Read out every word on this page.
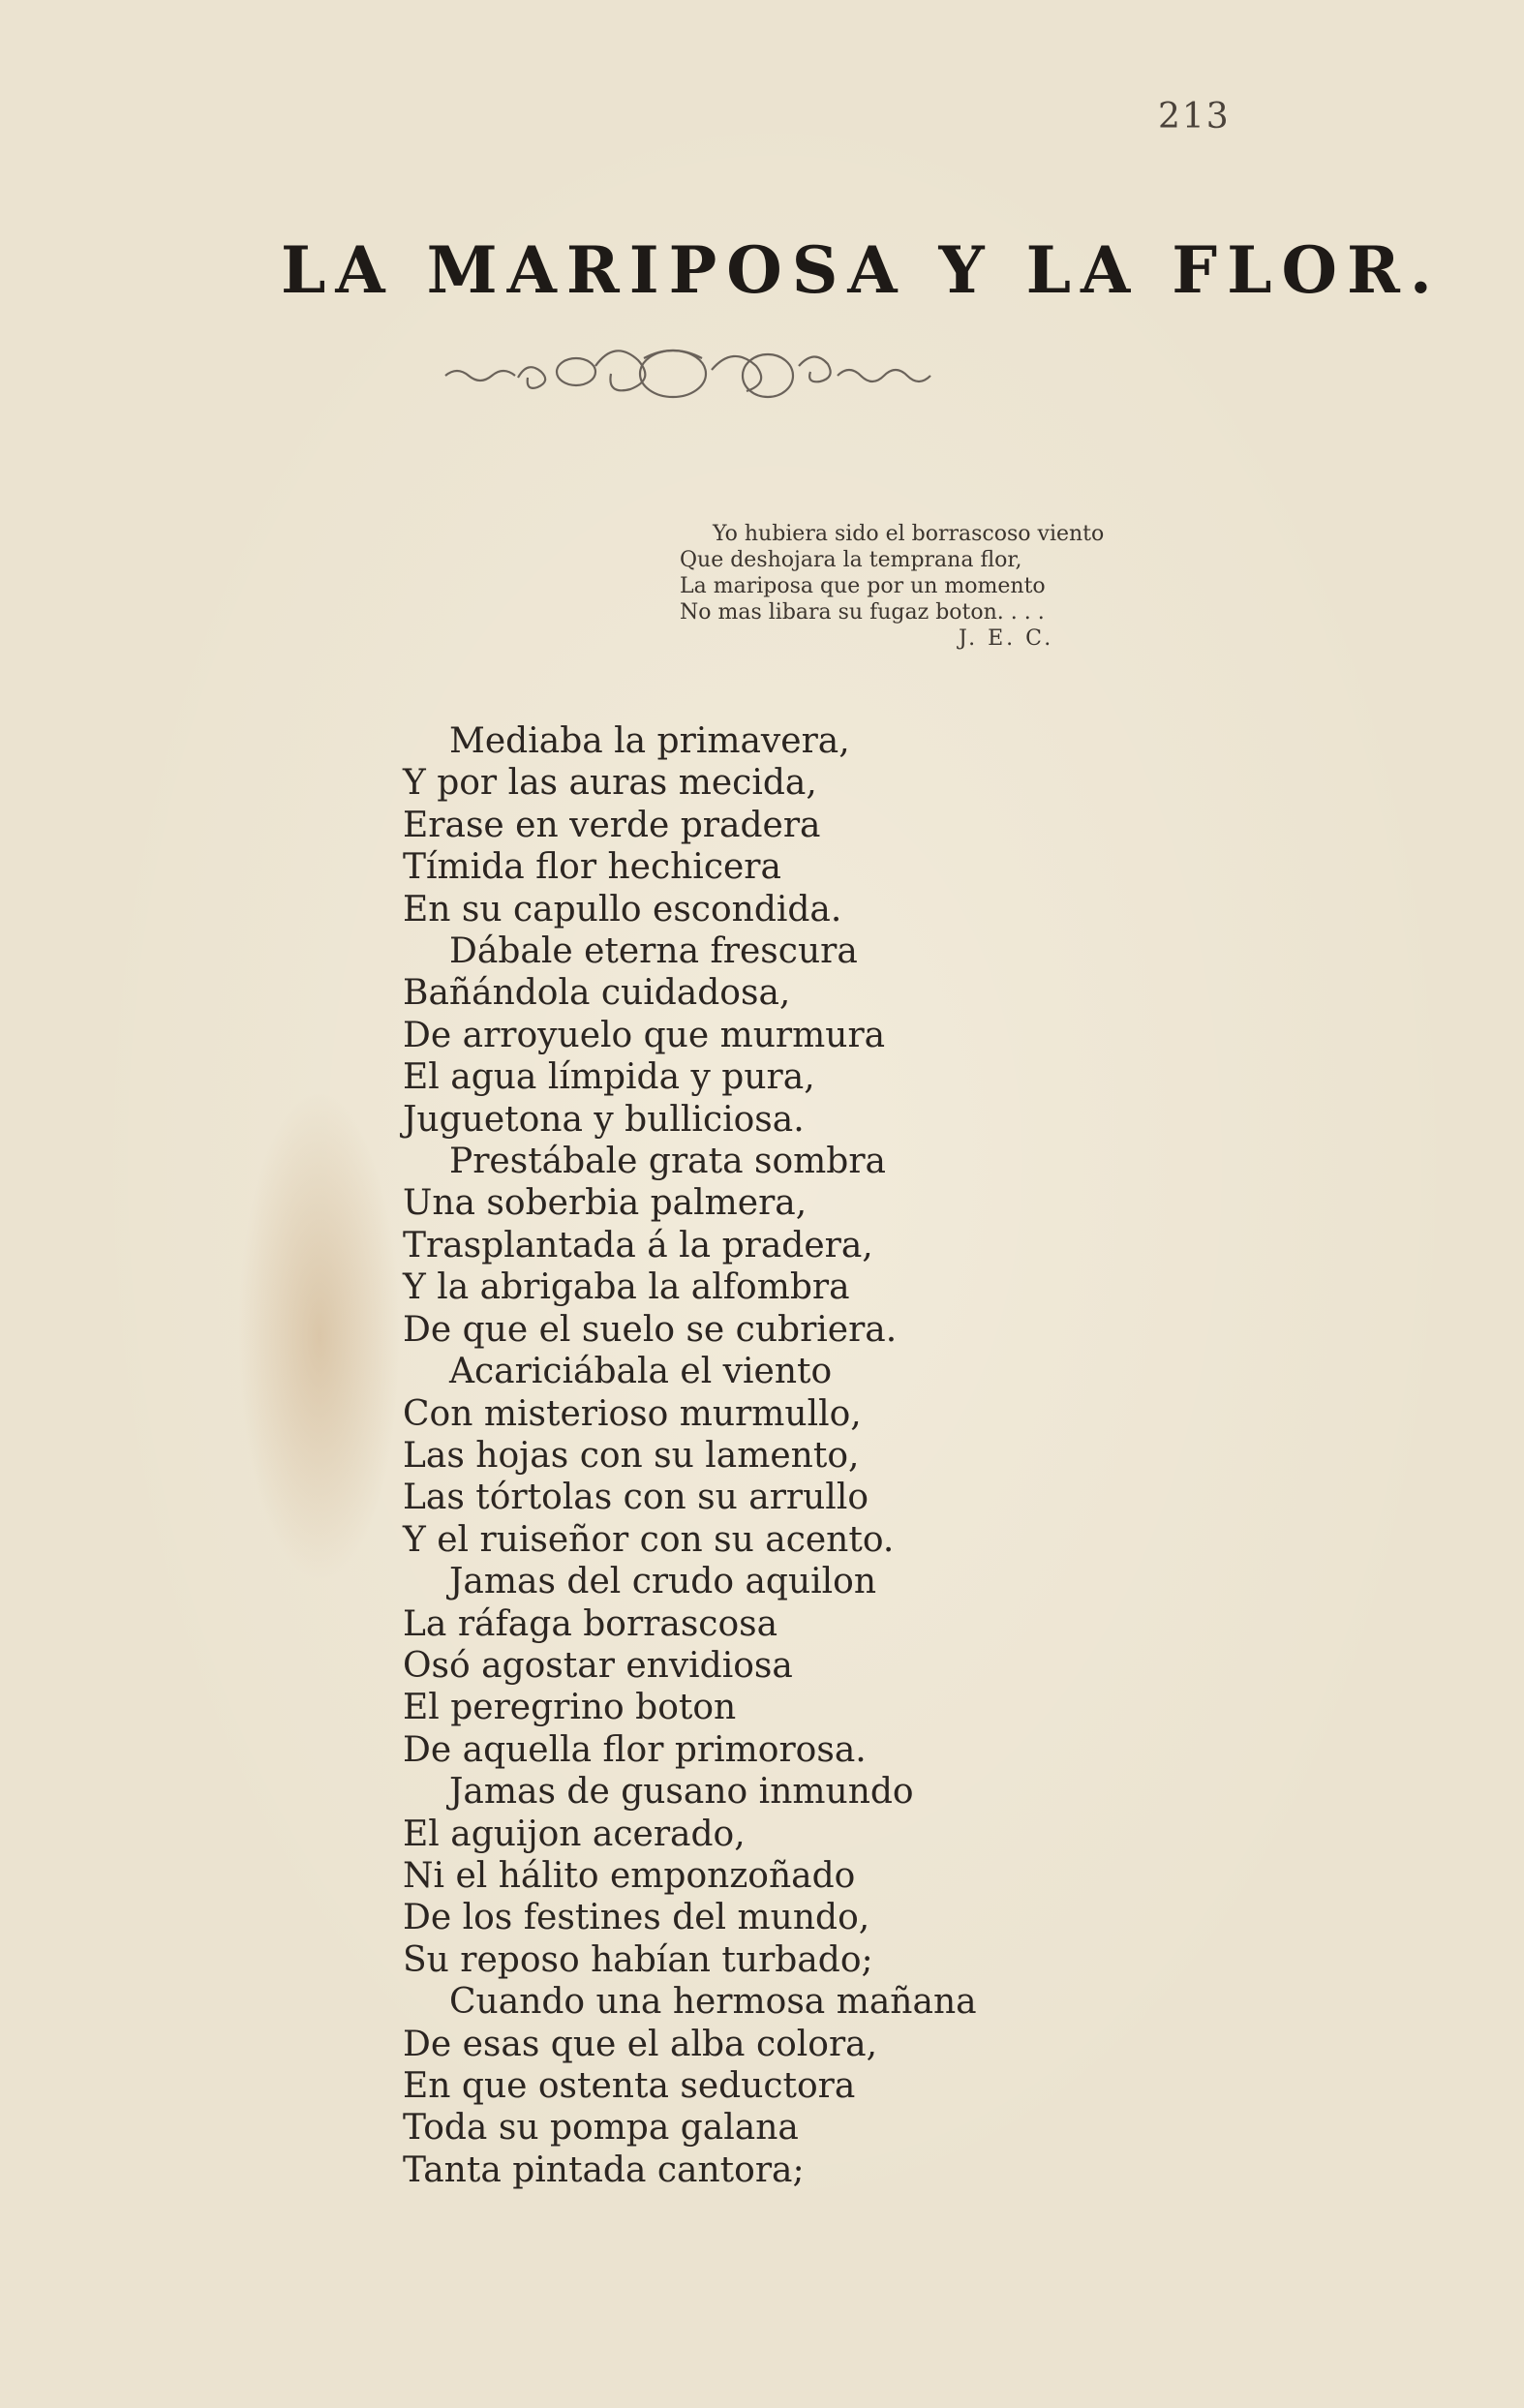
213
LA MARIPOSA Y LA FLOR.
Yo hubiera sido el borrascoso viento
Que deshojara la temprana flor,
La mariposa que por un momento
No mas libara su fugaz boton. . . .
J. E. C.
Mediaba la primavera,
Y por las auras mecida,
Erase en verde pradera
Tímida flor hechicera
En su capullo escondida.
Dábale eterna frescura
Bañándola cuidadosa,
De arroyuelo que murmura
El agua límpida y pura,
Juguetona y bulliciosa.
Prestábale grata sombra
Una soberbia palmera,
Trasplantada á la pradera,
Y la abrigaba la alfombra
De que el suelo se cubriera.
Acariciábala el viento
Con misterioso murmullo,
Las hojas con su lamento,
Las tórtolas con su arrullo
Y el ruiseñor con su acento.
Jamas del crudo aquilon
La ráfaga borrascosa
Osó agostar envidiosa
El peregrino boton
De aquella flor primorosa.
Jamas de gusano inmundo
El aguijon acerado,
Ni el hálito emponzoñado
De los festines del mundo,
Su reposo habían turbado;
Cuando una hermosa mañana
De esas que el alba colora,
En que ostenta seductora
Toda su pompa galana
Tanta pintada cantora;
